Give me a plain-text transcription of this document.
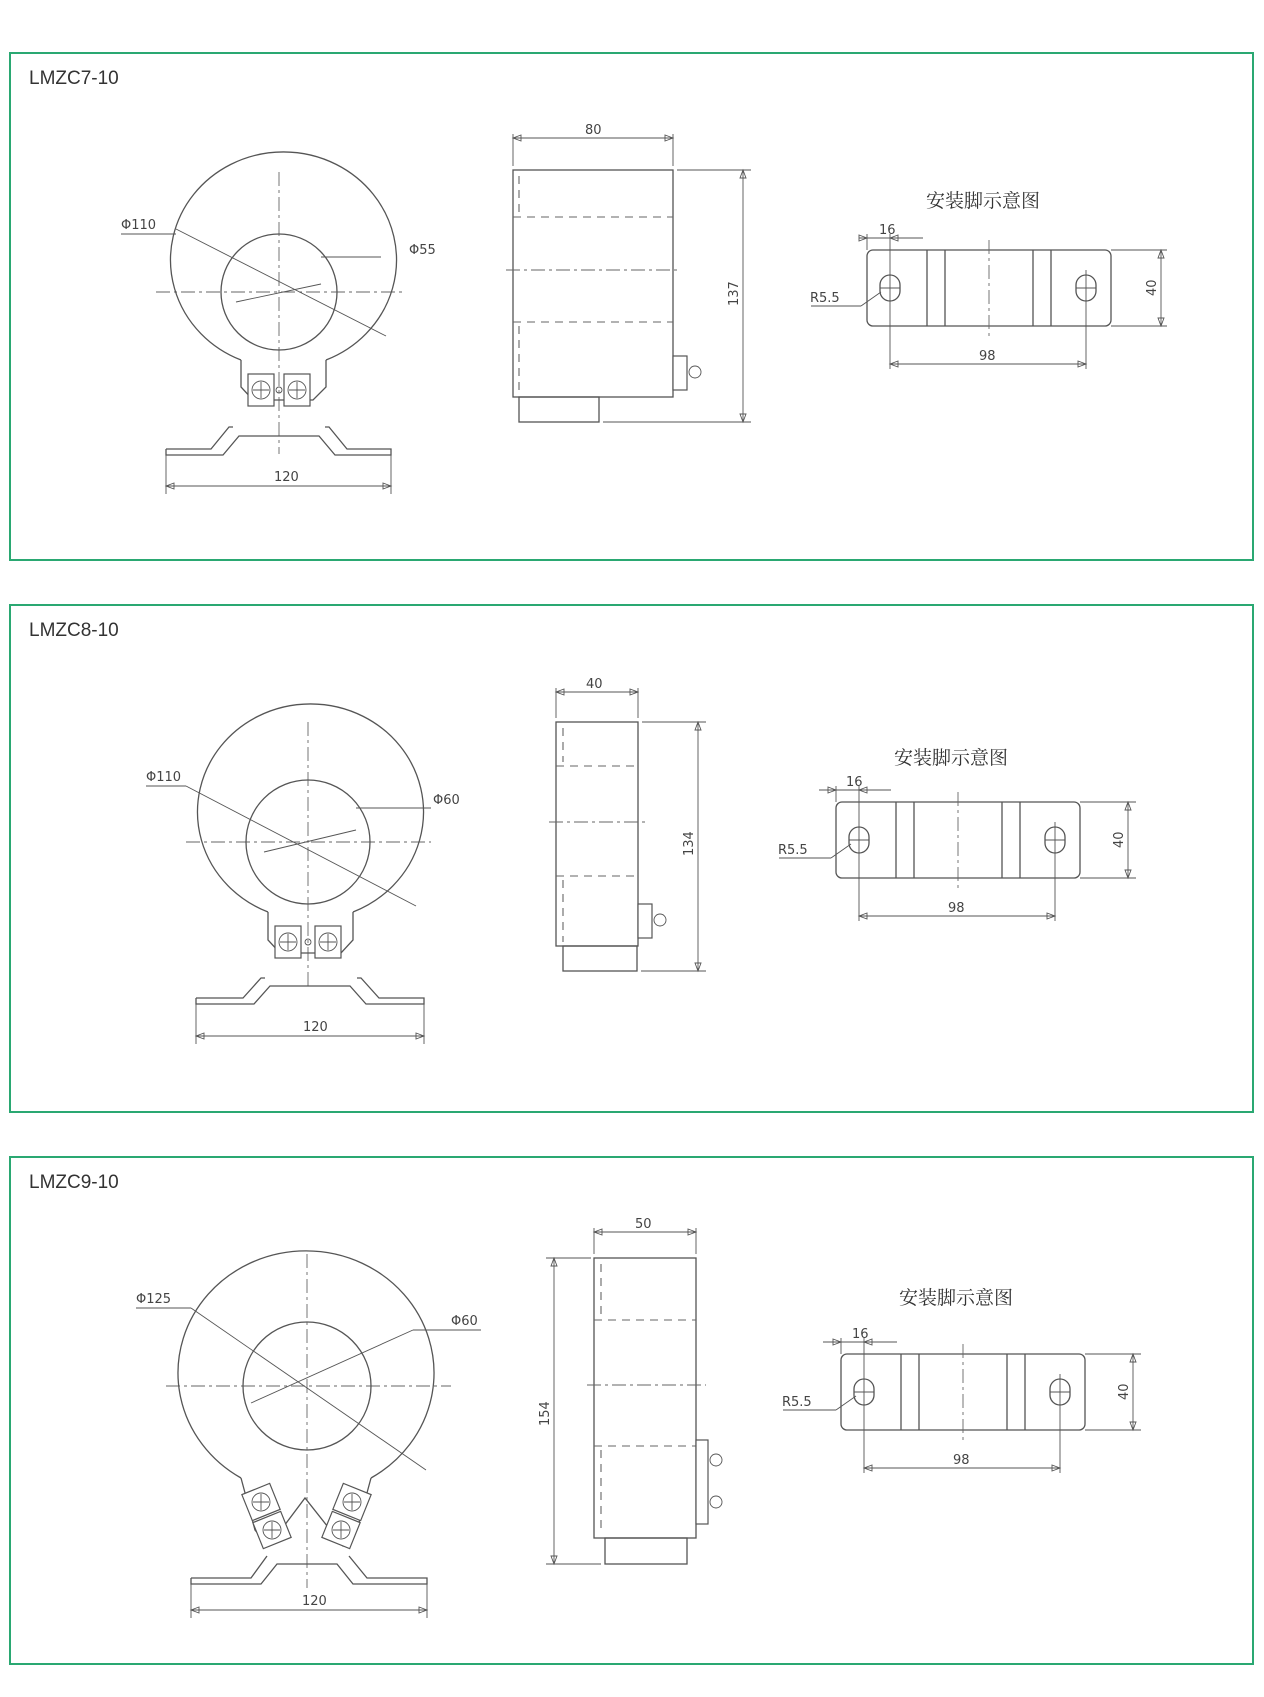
LMZC7-10
Φ110
Φ55
120
80
137
安装脚示意图
16
R5.5
40
98
LMZC8-10
Φ110
Φ60
120
40
134
安装脚示意图
16
R5.5
40
98
LMZC9-10
Φ125
Φ60
120
50
154
安装脚示意图
16
R5.5
40
98
